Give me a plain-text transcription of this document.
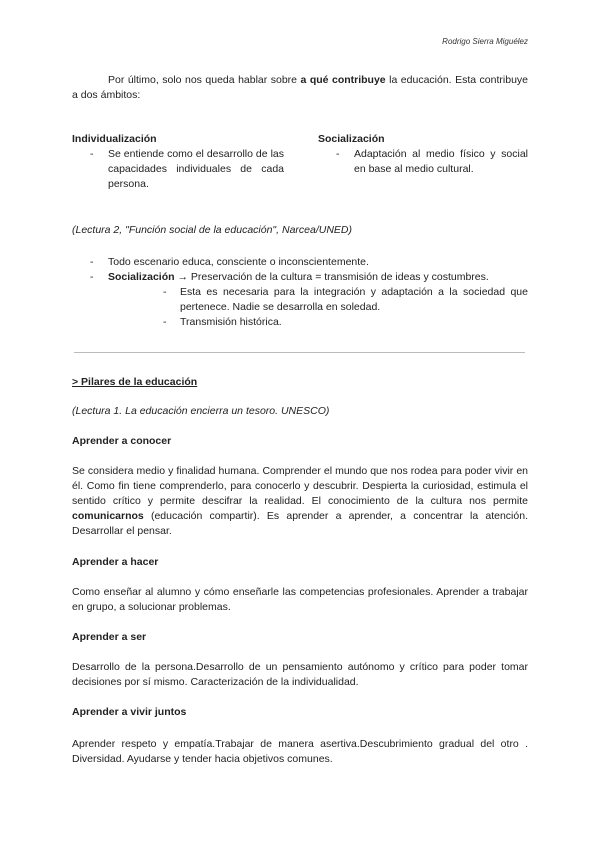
Rodrigo Sierra Miguélez

Por último, solo nos queda hablar sobre a qué contribuye la educación. Esta contribuye a dos ámbitos:

Individualización
- Se entiende como el desarrollo de las capacidades individuales de cada persona.
Socialización
- Adaptación al medio físico y social en base al medio cultural.

(Lectura 2, "Función social de la educación", Narcea/UNED)

- Todo escenario educa, consciente o inconscientemente.
- Socialización → Preservación de la cultura = transmisión de ideas y costumbres.
- Esta es necesaria para la integración y adaptación a la sociedad que pertenece. Nadie se desarrolla en soledad.
- Transmisión histórica.

> Pilares de la educación

(Lectura 1. La educación encierra un tesoro. UNESCO)

Aprender a conocer

Se considera medio y finalidad humana. Comprender el mundo que nos rodea para poder vivir en él. Como fin tiene comprenderlo, para conocerlo y descubrir. Despierta la curiosidad, estimula el sentido crítico y permite descifrar la realidad. El conocimiento de la cultura nos permite comunicarnos (educación compartir). Es aprender a aprender, a concentrar la atención. Desarrollar el pensar.

Aprender a hacer

Como enseñar al alumno y cómo enseñarle las competencias profesionales. Aprender a trabajar en grupo, a solucionar problemas.

Aprender a ser

Desarrollo de la persona.Desarrollo de un pensamiento autónomo y crítico para poder tomar decisiones por sí mismo. Caracterización de la individualidad.

Aprender a vivir juntos

Aprender respeto y empatía.Trabajar de manera asertiva.Descubrimiento gradual del otro . Diversidad. Ayudarse y tender hacia objetivos comunes.
